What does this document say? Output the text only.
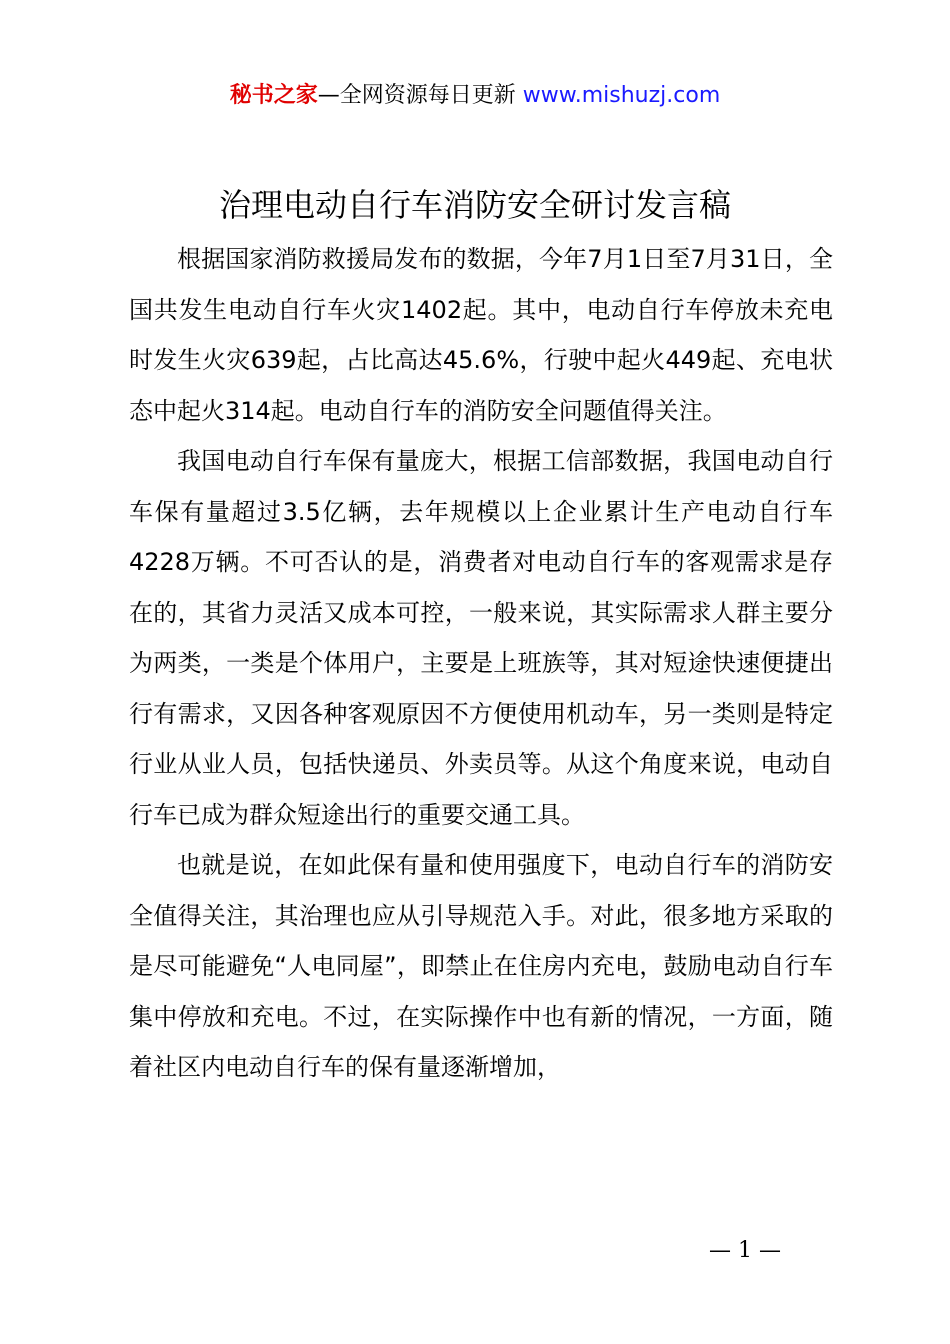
秘书之家—全网资源每日更新 www.mishuzj.com
治理电动自行车消防安全研讨发言稿

根据国家消防救援局发布的数据，今年7月1日至7月31日，全国共发生电动自行车火灾1402起。其中，电动自行车停放未充电时发生火灾639起，占比高达45.6%，行驶中起火449起、充电状态中起火314起。电动自行车的消防安全问题值得关注。

我国电动自行车保有量庞大，根据工信部数据，我国电动自行车保有量超过3.5亿辆，去年规模以上企业累计生产电动自行车4228万辆。不可否认的是，消费者对电动自行车的客观需求是存在的，其省力灵活又成本可控，一般来说，其实际需求人群主要分为两类，一类是个体用户，主要是上班族等，其对短途快速便捷出行有需求，又因各种客观原因不方便使用机动车，另一类则是特定行业从业人员，包括快递员、外卖员等。从这个角度来说，电动自行车已成为群众短途出行的重要交通工具。

也就是说，在如此保有量和使用强度下，电动自行车的消防安全值得关注，其治理也应从引导规范入手。对此，很多地方采取的是尽可能避免“人电同屋”，即禁止在住房内充电，鼓励电动自行车集中停放和充电。不过，在实际操作中也有新的情况，一方面，随着社区内电动自行车的保有量逐渐增加，

— 1 —
